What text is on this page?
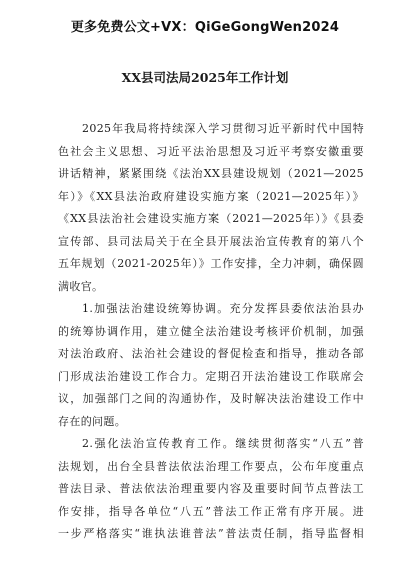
更多免费公文+VX：QiGeGongWen2024
XX县司法局2025年工作计划
2025年我局将持续深入学习贯彻习近平新时代中国特
色社会主义思想、习近平法治思想及习近平考察安徽重要
讲话精神，紧紧围绕《法治XX县建设规划（2021—2025
年）》《XX县法治政府建设实施方案（2021—2025年）》
《XX县法治社会建设实施方案（2021—2025年）》《县委
宣传部、县司法局关于在全县开展法治宣传教育的第八个
五年规划（2021-2025年）》工作安排，全力冲刺，确保圆
满收官。
1.加强法治建设统筹协调。充分发挥县委依法治县办
的统筹协调作用，建立健全法治建设考核评价机制，加强
对法治政府、法治社会建设的督促检查和指导，推动各部
门形成法治建设工作合力。定期召开法治建设工作联席会
议，加强部门之间的沟通协作，及时解决法治建设工作中
存在的问题。
2.强化法治宣传教育工作。继续贯彻落实“八五”普
法规划，出台全县普法依法治理工作要点，公布年度重点
普法目录、普法依法治理重要内容及重要时间节点普法工
作安排，指导各单位“八五”普法工作正常有序开展。进
一步严格落实“谁执法谁普法”普法责任制，指导监督相
